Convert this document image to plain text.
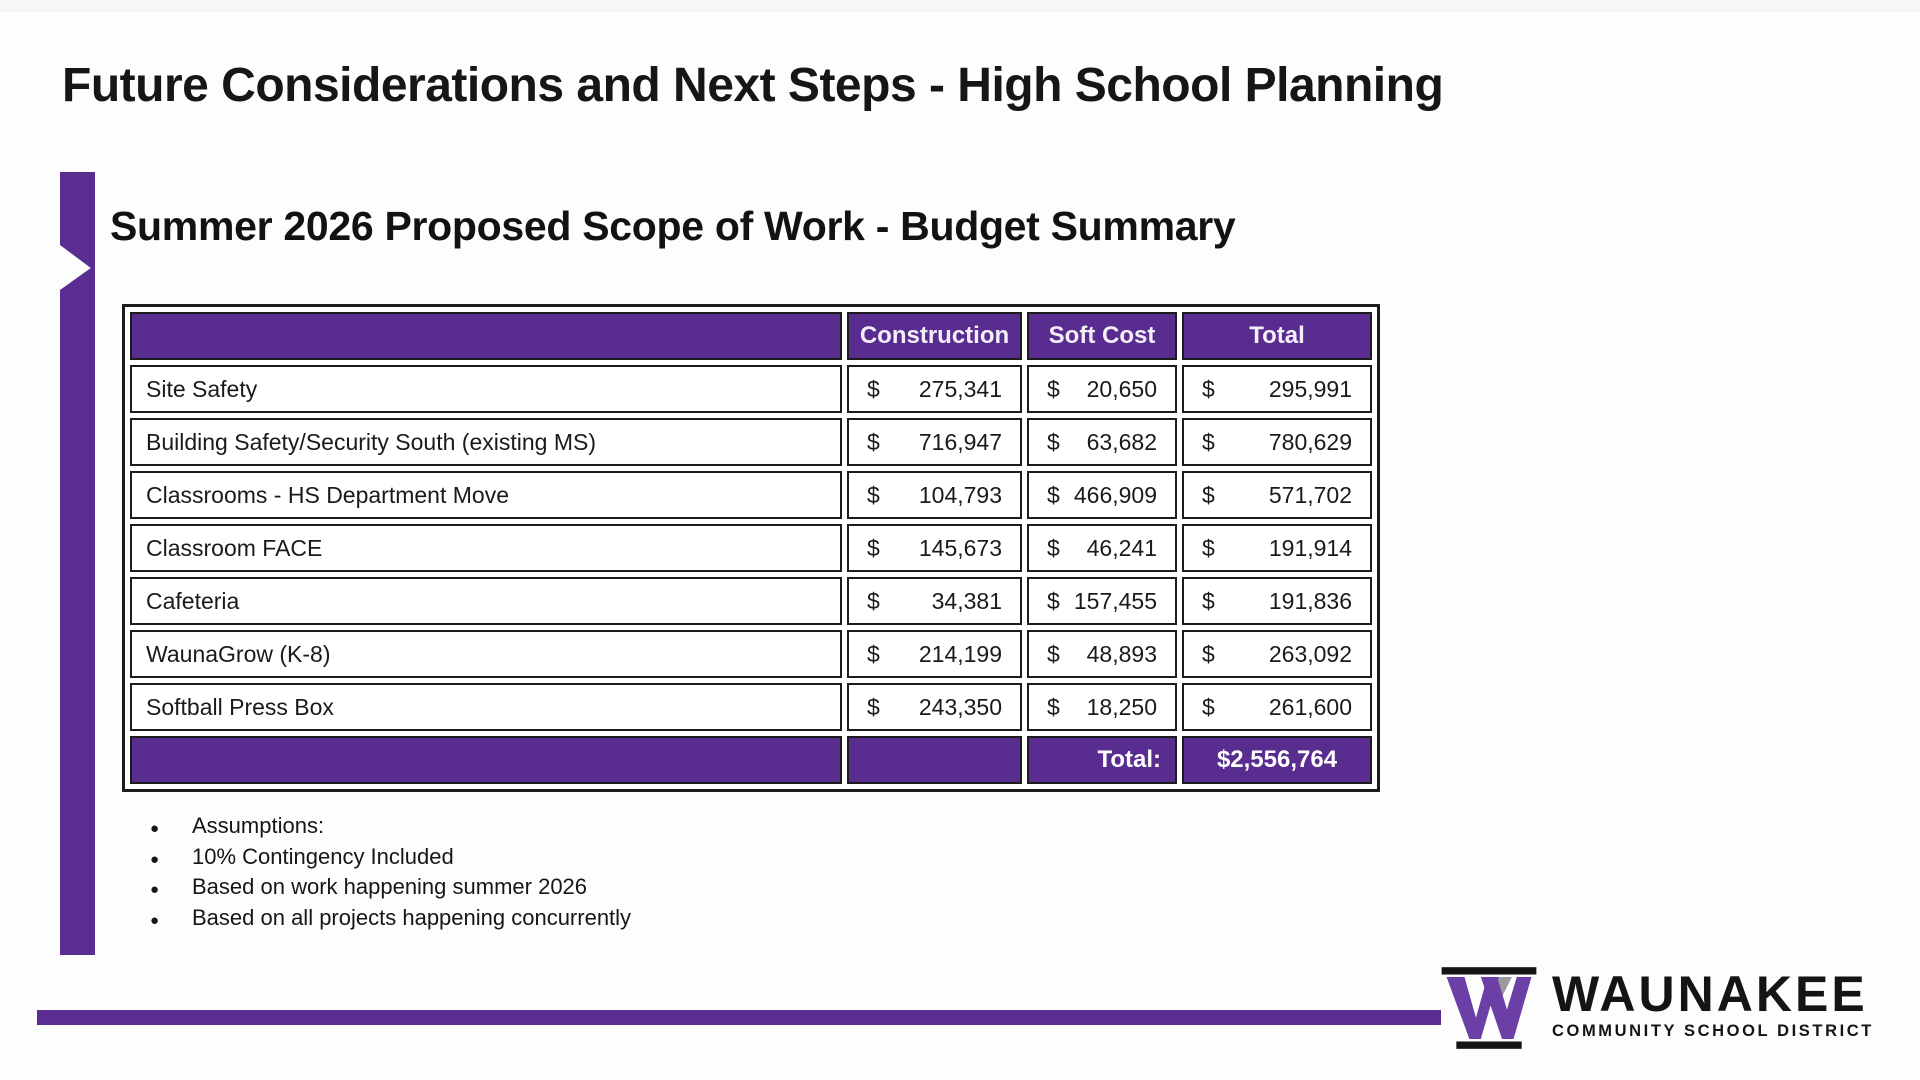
Future Considerations and Next Steps - High School Planning
Summer 2026 Proposed Scope of Work - Budget Summary
	Construction	Soft Cost	Total
Site Safety	$ 275,341	$ 20,650	$ 295,991

Building Safety/Security South (existing MS)	$ 716,947	$ 63,682	$ 780,629

Classrooms - HS Department Move	$ 104,793	$ 466,909	$ 571,702

Classroom FACE	$ 145,673	$ 46,241	$ 191,914

Cafeteria	$ 34,381	$ 157,455	$ 191,836

WaunaGrow (K-8)	$ 214,199	$ 48,893	$ 263,092

Softball Press Box	$ 243,350	$ 18,250	$ 261,600

		Total:	$2,556,764
●	Assumptions:
●	10% Contingency Included
●	Based on work happening summer 2026
●	Based on all projects happening concurrently
WAUNAKEE
COMMUNITY SCHOOL DISTRICT
